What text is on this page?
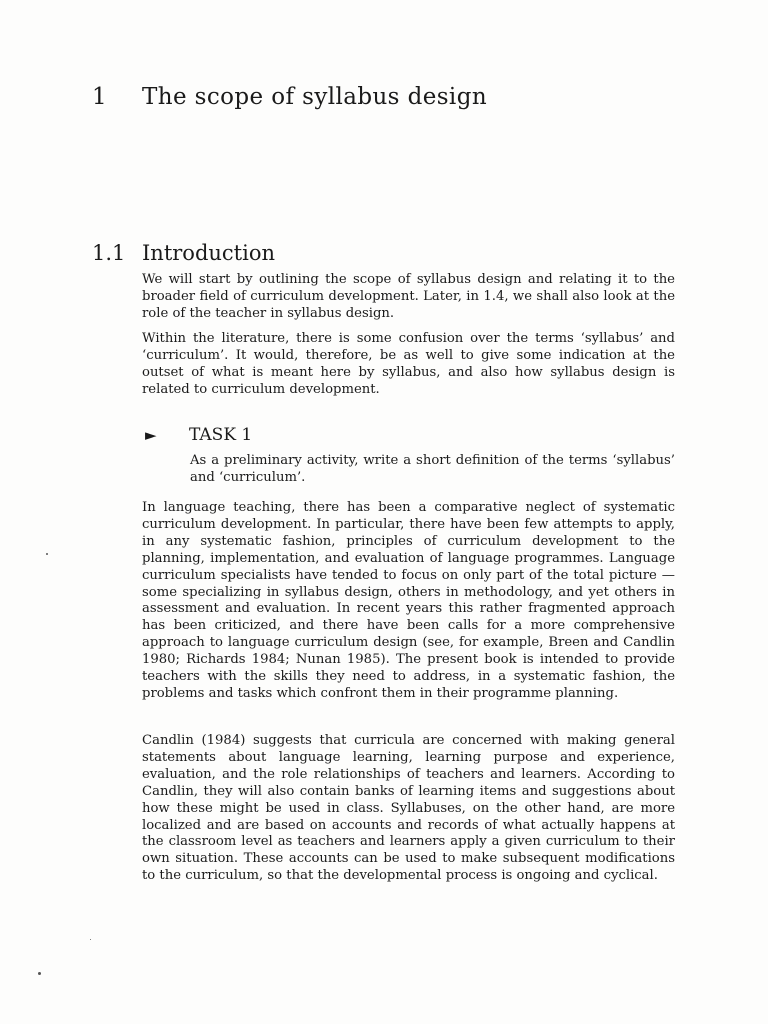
1 The scope of syllabus design
1.1 Introduction

We will start by outlining the scope of syllabus design and relating it to the broader field of curriculum development. Later, in 1.4, we shall also look at the role of the teacher in syllabus design.

Within the literature, there is some confusion over the terms ‘syllabus’ and ‘curriculum’. It would, therefore, be as well to give some indication at the outset of what is meant here by syllabus, and also how syllabus design is related to curriculum development.

► TASK 1

As a preliminary activity, write a short definition of the terms ‘syllabus’ and ‘curriculum’.

In language teaching, there has been a comparative neglect of systematic curriculum development. In particular, there have been few attempts to apply, in any systematic fashion, principles of curriculum development to the planning, implementation, and evaluation of language programmes. Language curriculum specialists have tended to focus on only part of the total picture — some specializing in syllabus design, others in methodology, and yet others in assessment and evaluation. In recent years this rather fragmented approach has been criticized, and there have been calls for a more comprehensive approach to language curriculum design (see, for example, Breen and Candlin 1980; Richards 1984; Nunan 1985). The present book is intended to provide teachers with the skills they need to address, in a systematic fashion, the problems and tasks which confront them in their programme planning.

Candlin (1984) suggests that curricula are concerned with making general statements about language learning, learning purpose and experience, evaluation, and the role relationships of teachers and learners. According to Candlin, they will also contain banks of learning items and suggestions about how these might be used in class. Syllabuses, on the other hand, are more localized and are based on accounts and records of what actually happens at the classroom level as teachers and learners apply a given curriculum to their own situation. These accounts can be used to make subsequent modifications to the curriculum, so that the developmental process is ongoing and cyclical.
